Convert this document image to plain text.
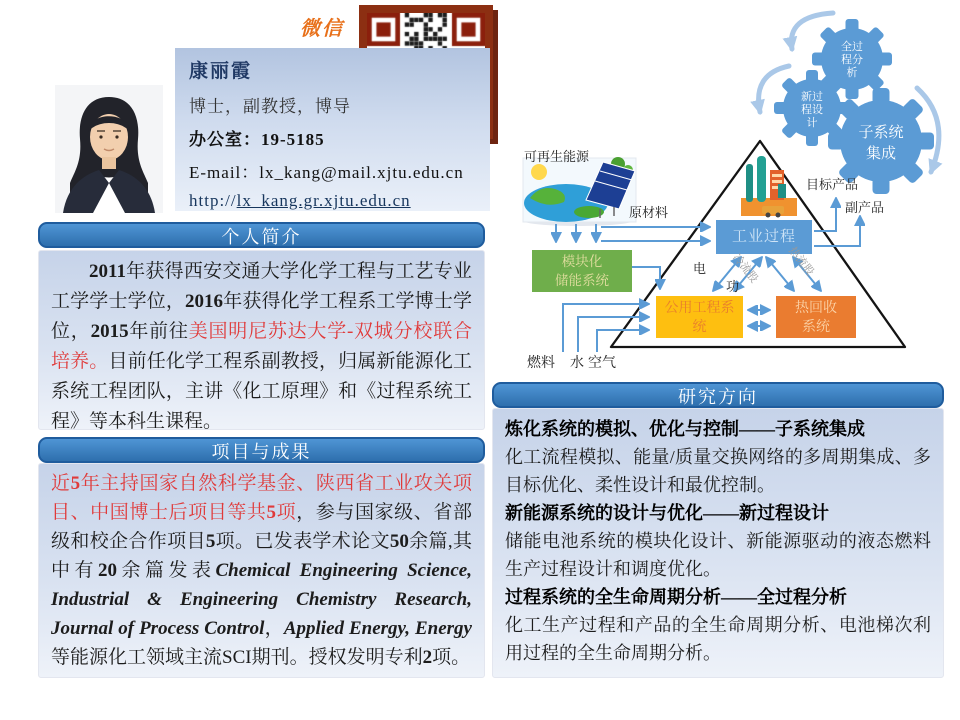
全过
程分
析
新过
程设
计
子系统
集成
微信
康丽霞
博士，副教授，博导
办公室：19-5185
E-mail：lx_kang@mail.xjtu.edu.cn
http://lx_kang.gr.xjtu.edu.cn
个人简介
2011年获得西安交通大学化学工程与工艺专业工学学士学位，2016年获得化学工程系工学博士学位，2015年前往美国明尼苏达大学-双城分校联合培养。目前任化学工程系副教授，归属新能源化工系统工程团队，主讲《化工原理》和《过程系统工程》等本科生课程。
项目与成果
近5年主持国家自然科学基金、陕西省工业攻关项目、中国博士后项目等共5项，参与国家级、省部级和校企合作项目5项。已发表学术论文50余篇,其中有20余篇发表Chemical Engineering Science, Industrial & Engineering Chemistry Research, Journal of Process Control，Applied Energy, Energy等能源化工领域主流SCI期刊。授权发明专利2项。
研究方向

炼化系统的模拟、优化与控制——子系统集成

化工流程模拟、能量/质量交换网络的多周期集成、多目标优化、柔性设计和最优控制。

新能源系统的设计与优化——新过程设计

储能电池系统的模块化设计、新能源驱动的液态燃料生产过程设计和调度优化。

过程系统的全生命周期分析——全过程分析

化工生产过程和产品的全生命周期分析、电池梯次利用过程的全生命周期分析。

模块化
储能系统
工业过程
公用工程系
统
热回收
系统
可再生能源
原材料
目标产品
副产品
电
功
冷流股 热流股
燃料 水 空气
